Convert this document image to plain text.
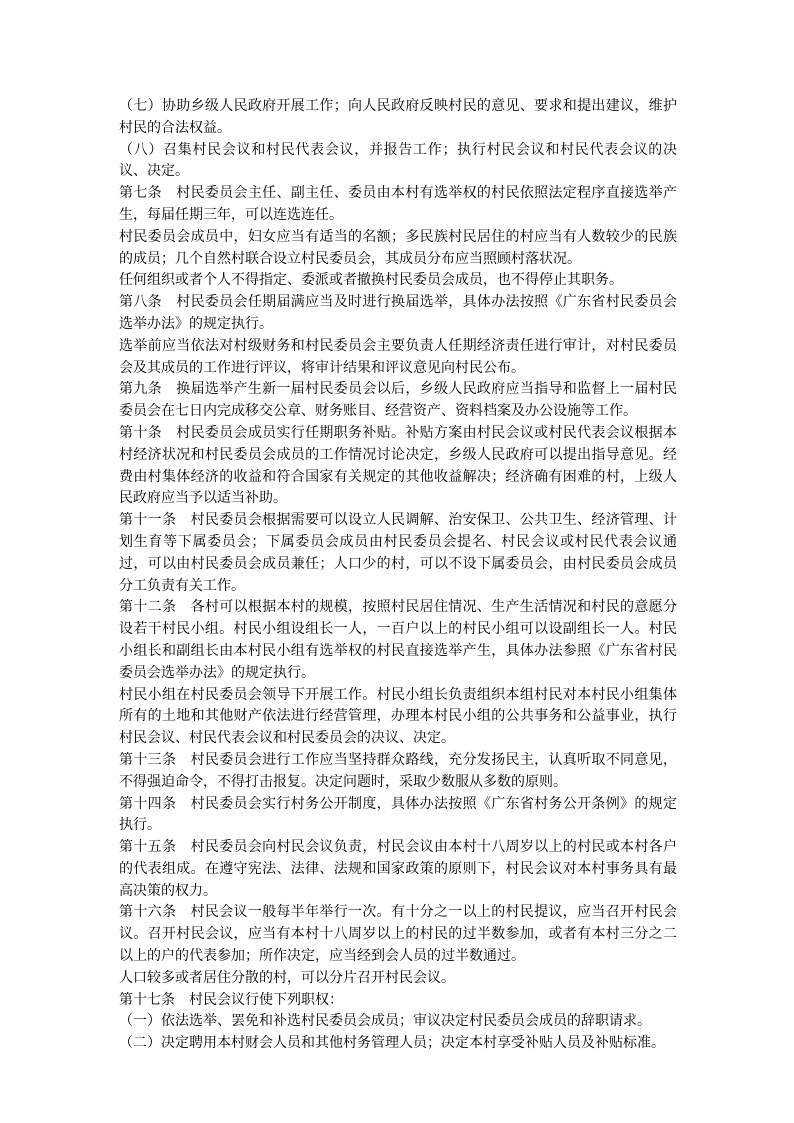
（七）协助乡级人民政府开展工作；向人民政府反映村民的意见、要求和提出建议，维护村民的合法权益。

（八）召集村民会议和村民代表会议，并报告工作；执行村民会议和村民代表会议的决议、决定。

第七条　村民委员会主任、副主任、委员由本村有选举权的村民依照法定程序直接选举产生，每届任期三年，可以连选连任。

村民委员会成员中，妇女应当有适当的名额；多民族村民居住的村应当有人数较少的民族的成员；几个自然村联合设立村民委员会，其成员分布应当照顾村落状况。

任何组织或者个人不得指定、委派或者撤换村民委员会成员，也不得停止其职务。

第八条　村民委员会任期届满应当及时进行换届选举，具体办法按照《广东省村民委员会选举办法》的规定执行。

选举前应当依法对村级财务和村民委员会主要负责人任期经济责任进行审计，对村民委员会及其成员的工作进行评议，将审计结果和评议意见向村民公布。

第九条　换届选举产生新一届村民委员会以后，乡级人民政府应当指导和监督上一届村民委员会在七日内完成移交公章、财务账目、经营资产、资料档案及办公设施等工作。

第十条　村民委员会成员实行任期职务补贴。补贴方案由村民会议或村民代表会议根据本村经济状况和村民委员会成员的工作情况讨论决定，乡级人民政府可以提出指导意见。经费由村集体经济的收益和符合国家有关规定的其他收益解决；经济确有困难的村，上级人民政府应当予以适当补助。

第十一条　村民委员会根据需要可以设立人民调解、治安保卫、公共卫生、经济管理、计划生育等下属委员会；下属委员会成员由村民委员会提名、村民会议或村民代表会议通过，可以由村民委员会成员兼任；人口少的村，可以不设下属委员会，由村民委员会成员分工负责有关工作。

第十二条　各村可以根据本村的规模，按照村民居住情况、生产生活情况和村民的意愿分设若干村民小组。村民小组设组长一人，一百户以上的村民小组可以设副组长一人。村民小组长和副组长由本村民小组有选举权的村民直接选举产生，具体办法参照《广东省村民委员会选举办法》的规定执行。

村民小组在村民委员会领导下开展工作。村民小组长负责组织本组村民对本村民小组集体所有的土地和其他财产依法进行经营管理，办理本村民小组的公共事务和公益事业，执行村民会议、村民代表会议和村民委员会的决议、决定。

第十三条　村民委员会进行工作应当坚持群众路线，充分发扬民主，认真听取不同意见，不得强迫命令，不得打击报复。决定问题时，采取少数服从多数的原则。

第十四条　村民委员会实行村务公开制度，具体办法按照《广东省村务公开条例》的规定执行。

第十五条　村民委员会向村民会议负责，村民会议由本村十八周岁以上的村民或本村各户的代表组成。在遵守宪法、法律、法规和国家政策的原则下，村民会议对本村事务具有最高决策的权力。

第十六条　村民会议一般每半年举行一次。有十分之一以上的村民提议，应当召开村民会议。召开村民会议，应当有本村十八周岁以上的村民的过半数参加，或者有本村三分之二以上的户的代表参加；所作决定，应当经到会人员的过半数通过。

人口较多或者居住分散的村，可以分片召开村民会议。

第十七条　村民会议行使下列职权：

（一）依法选举、罢免和补选村民委员会成员；审议决定村民委员会成员的辞职请求。

（二）决定聘用本村财会人员和其他村务管理人员；决定本村享受补贴人员及补贴标准。
